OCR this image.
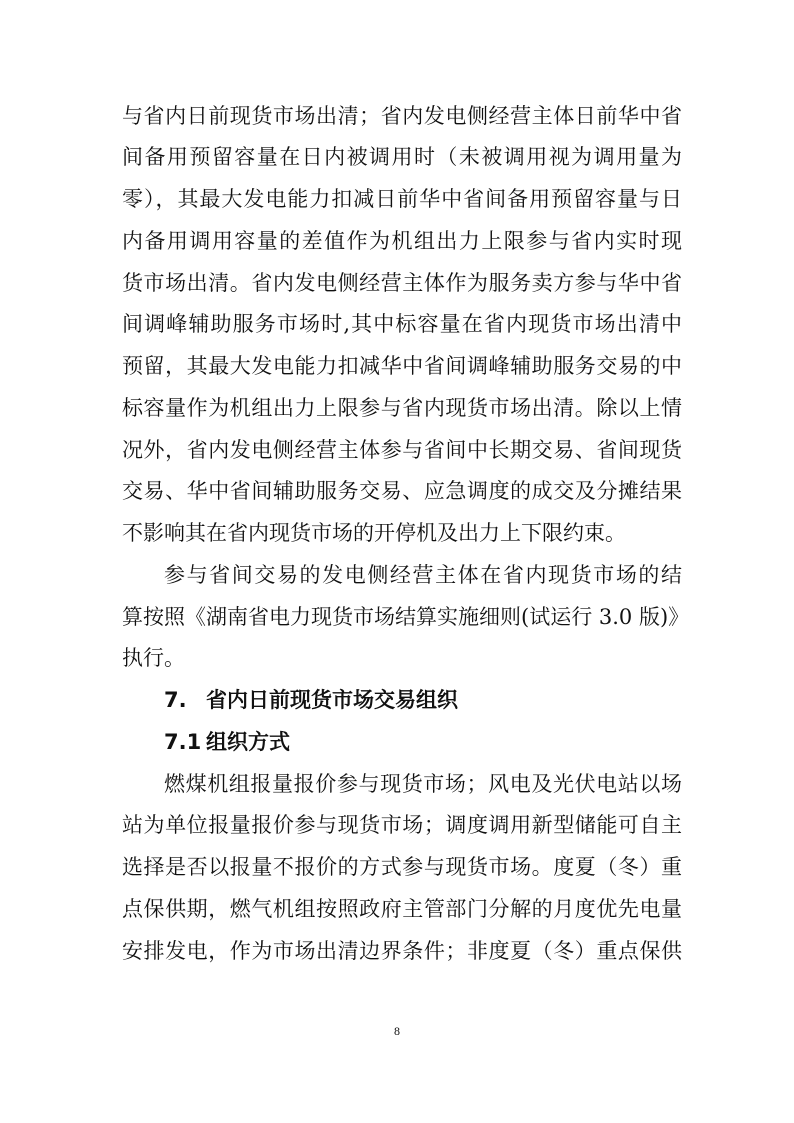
与省内日前现货市场出清；省内发电侧经营主体日前华中省
间备用预留容量在日内被调用时（未被调用视为调用量为
零），其最大发电能力扣减日前华中省间备用预留容量与日
内备用调用容量的差值作为机组出力上限参与省内实时现
货市场出清。省内发电侧经营主体作为服务卖方参与华中省
间调峰辅助服务市场时,其中标容量在省内现货市场出清中
预留，其最大发电能力扣减华中省间调峰辅助服务交易的中
标容量作为机组出力上限参与省内现货市场出清。除以上情
况外，省内发电侧经营主体参与省间中长期交易、省间现货
交易、华中省间辅助服务交易、应急调度的成交及分摊结果
不影响其在省内现货市场的开停机及出力上下限约束。
参与省间交易的发电侧经营主体在省内现货市场的结
算按照《湖南省电力现货市场结算实施细则(试运行 3.0 版)》
执行。
7. 省内日前现货市场交易组织
7.1 组织方式
燃煤机组报量报价参与现货市场；风电及光伏电站以场
站为单位报量报价参与现货市场；调度调用新型储能可自主
选择是否以报量不报价的方式参与现货市场。度夏（冬）重
点保供期，燃气机组按照政府主管部门分解的月度优先电量
安排发电，作为市场出清边界条件；非度夏（冬）重点保供
8
